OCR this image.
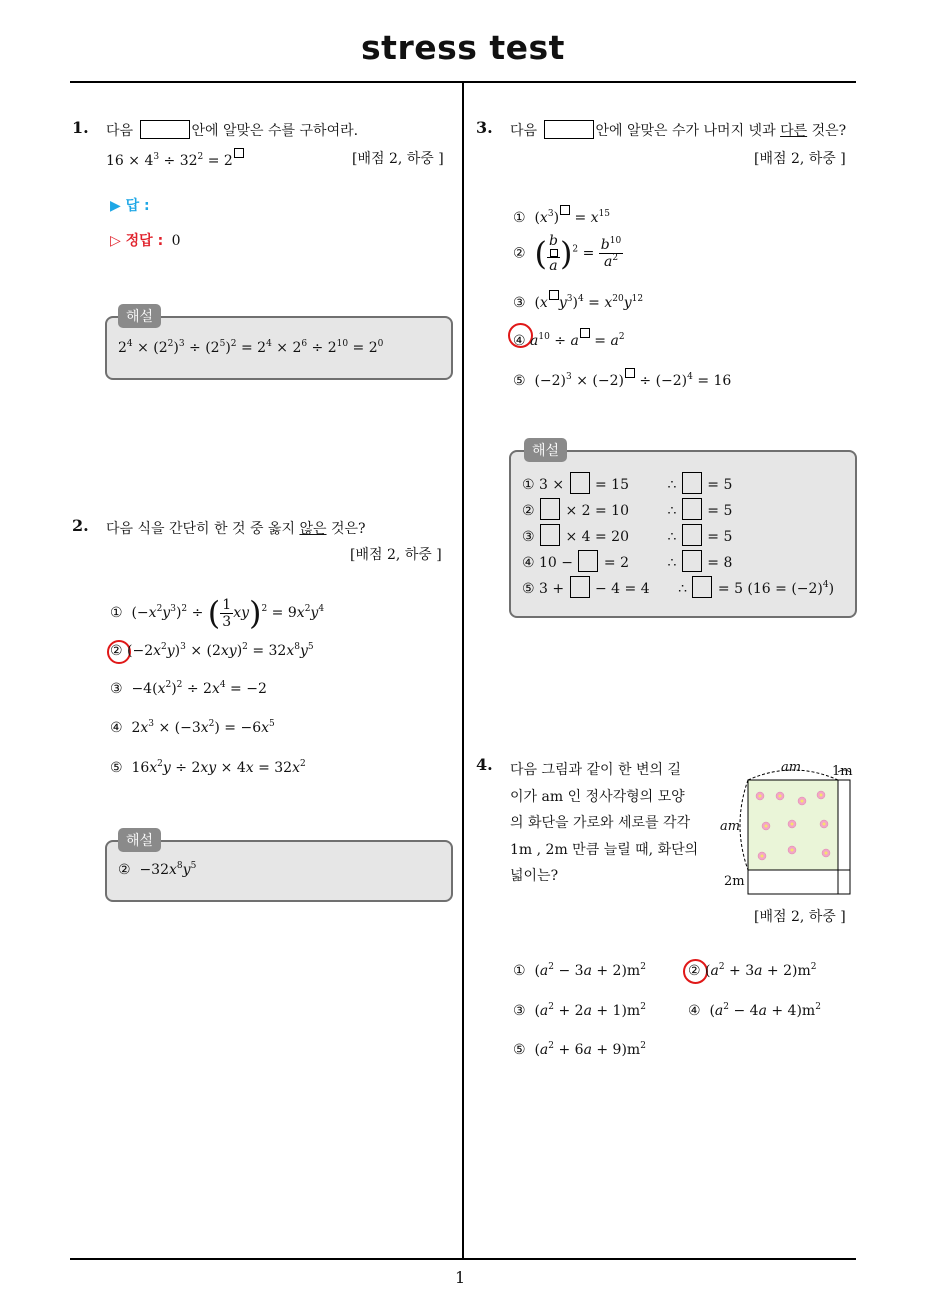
stress test
1
1. 다음	안에 알맞은 수를 구하여라.
$16 \times 4^3 \div 32^2 = 2$	[배점 2, 하중 ]
▶ 답 :
▷ 정답 : 0
해설
$2^4 \times (2^2)^3 \div (2^5)^2 = 2^4 \times 2^6 \div 2^{10} = 2^0$
2. 다음 식을 간단히 한 것 중 옳지 않은 것은?
[배점 2, 하중 ]
①  $(-x^2y^3)^2$ ÷ ( $\frac{1}{3} xy)^2 = 9x^2y^4$
② $(-2x^2y)^3 \times (2xy)^2 = 32x^8y^5$
③  $-4(x^2)^2 \div 2x^4 = -2$
④  $2x^3 \times (-3x^2) = -6x^5$
⑤  $16x^2y \div 2xy \times 4x = 32x^2$
해설
②  $-32x^8y^5$
3. 다음	안에 알맞은 수가 나머지 넷과 다른 것은?
[배점 2, 하중 ]
①  $(x^3) = x^{15}$
②  ( $\frac{b}{a} )^2 = \frac{b^{10}}{a^2}$
③  (x $y^3)^4 = x^{20}y^{12}$
④ $a^{10} \div a = a^2$
⑤  $(-2)^3 \times (-2) \div (-2)^4 = 16$
해설
① 3 ×  = 15 ∴  = 5
②  × 2 = 10 ∴  = 5
③  × 4 = 20 ∴  = 5
④ 10 −  = 2 ∴  = 8
⑤ 3 +  − 4 = 4 ∴  = 5 $(16 = (-2)^4)$
4. 다음 그림과 같이 한 변의 길
이가 am 인 정사각형의 모양
의 화단을 가로와 세로를 각각
1m , 2m 만큼 늘릴 때, 화단의
넓이는?
am 1m
am
2m
[배점 2, 하중 ]
①  $(a^2 - 3a + 2)m^2$	② $(a^2 + 3a + 2)m^2$
③  $(a^2 + 2a + 1)m^2$	④  $(a^2 - 4a + 4)m^2$
⑤  $(a^2 + 6a + 9)m^2$
